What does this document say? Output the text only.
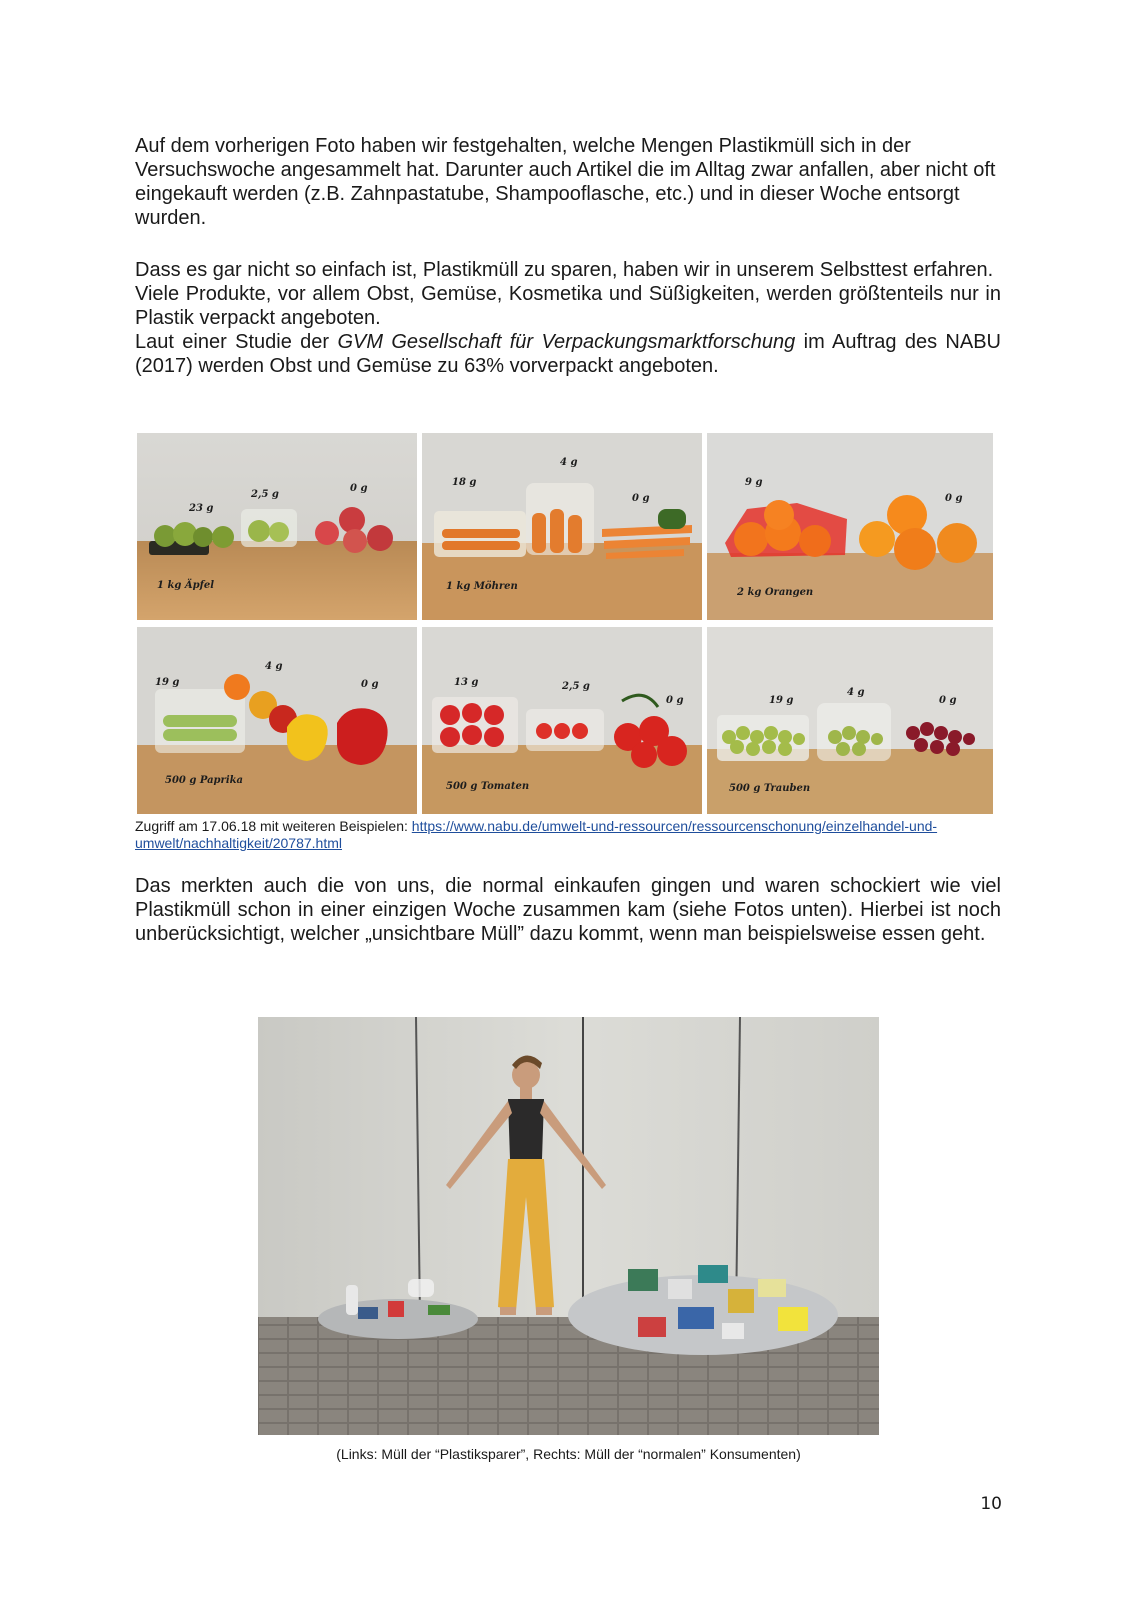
Auf dem vorherigen Foto haben wir festgehalten, welche Mengen Plastikmüll sich in der Versuchswoche angesammelt hat. Darunter auch Artikel die im Alltag zwar anfallen, aber nicht oft eingekauft werden (z.B. Zahnpastatube, Shampooflasche, etc.) und in dieser Woche entsorgt wurden.

Dass es gar nicht so einfach ist, Plastikmüll zu sparen, haben wir in unserem Selbsttest erfahren.

Viele Produkte, vor allem Obst, Gemüse, Kosmetika und Süßigkeiten, werden größtenteils nur in Plastik verpackt angeboten.

Laut einer Studie der GVM Gesellschaft für Verpackungsmarktforschung im Auftrag des NABU (2017) werden Obst und Gemüse zu 63% vorverpackt angeboten.

23 g
2,5 g
0 g
1 kg Äpfel
18 g
4 g
0 g
1 kg Möhren
9 g
0 g
2 kg Orangen
19 g
4 g
0 g
500 g Paprika
13 g	2,5 g
0 g
500 g Tomaten
19 g
4 g
0 g
500 g Trauben
Zugriff am 17.06.18 mit weiteren Beispielen: https://www.nabu.de/umwelt-und-ressourcen/ressourcenschonung/einzelhandel-und-umwelt/nachhaltigkeit/20787.html

Das merkten auch die von uns, die normal einkaufen gingen und waren schockiert wie viel Plastikmüll schon in einer einzigen Woche zusammen kam (siehe Fotos unten). Hierbei ist noch unberücksichtigt, welcher „unsichtbare Müll” dazu kommt, wenn man beispielsweise essen geht.

(Links: Müll der “Plastiksparer”, Rechts: Müll der “normalen” Konsumenten)
10
